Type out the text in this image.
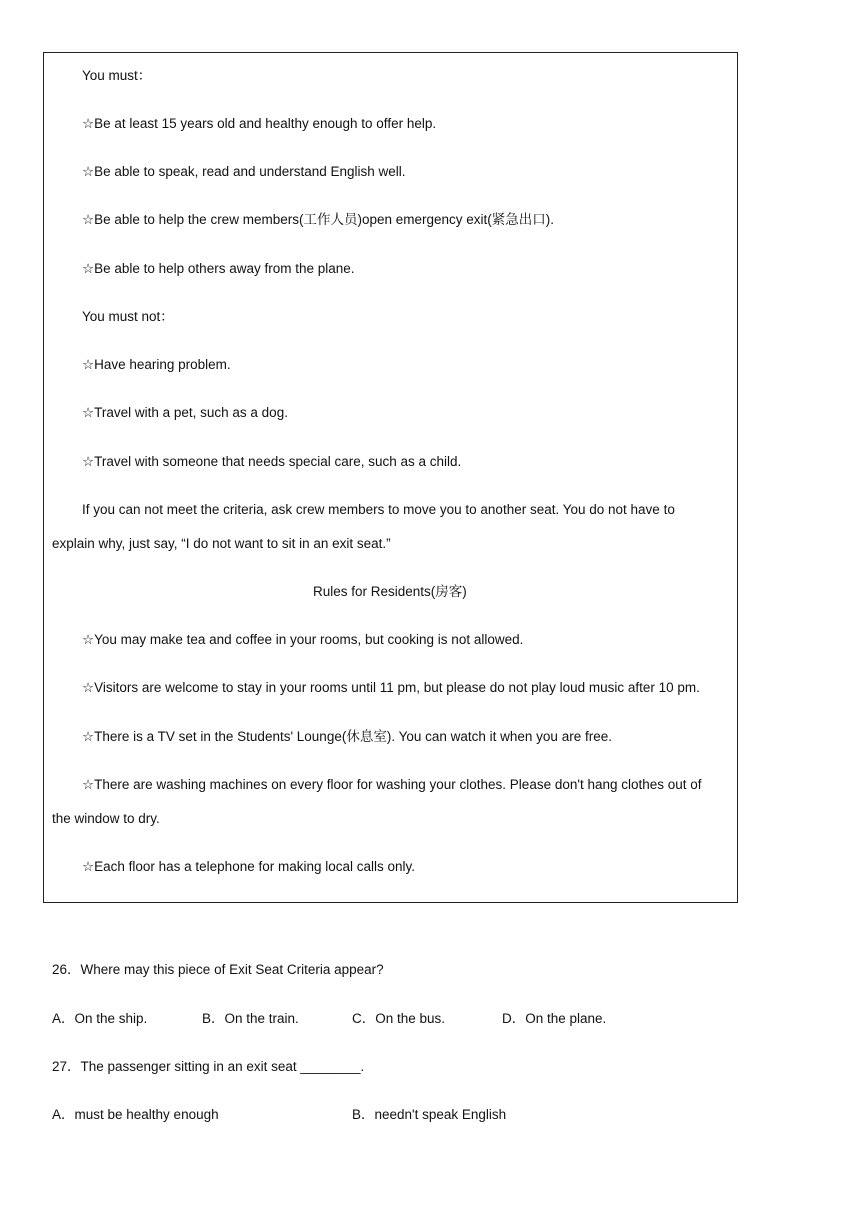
You must：
☆Be at least 15 years old and healthy enough to offer help.
☆Be able to speak, read and understand English well.
☆Be able to help the crew members(工作人员)open emergency exit(紧急出口).
☆Be able to help others away from the plane.
You must not：
☆Have hearing problem.
☆Travel with a pet, such as a dog.
☆Travel with someone that needs special care, such as a child.
If you can not meet the criteria, ask crew members to move you to another seat. You do not have to
explain why, just say, “I do not want to sit in an exit seat.”
Rules for Residents(房客)
☆You may make tea and coffee in your rooms, but cooking is not allowed.
☆Visitors are welcome to stay in your rooms until 11 pm, but please do not play loud music after 10 pm.
☆There is a TV set in the Students' Lounge(休息室). You can watch it when you are free.
☆There are washing machines on every floor for washing your clothes. Please don't hang clothes out of
the window to dry.
☆Each floor has a telephone for making local calls only.
26．Where may this piece of Exit Seat Criteria appear?
A．On the ship.	B．On the train.	C．On the bus.	D．On the plane.
27．The passenger sitting in an exit seat ________.
A．must be healthy enough	B．needn't speak English
